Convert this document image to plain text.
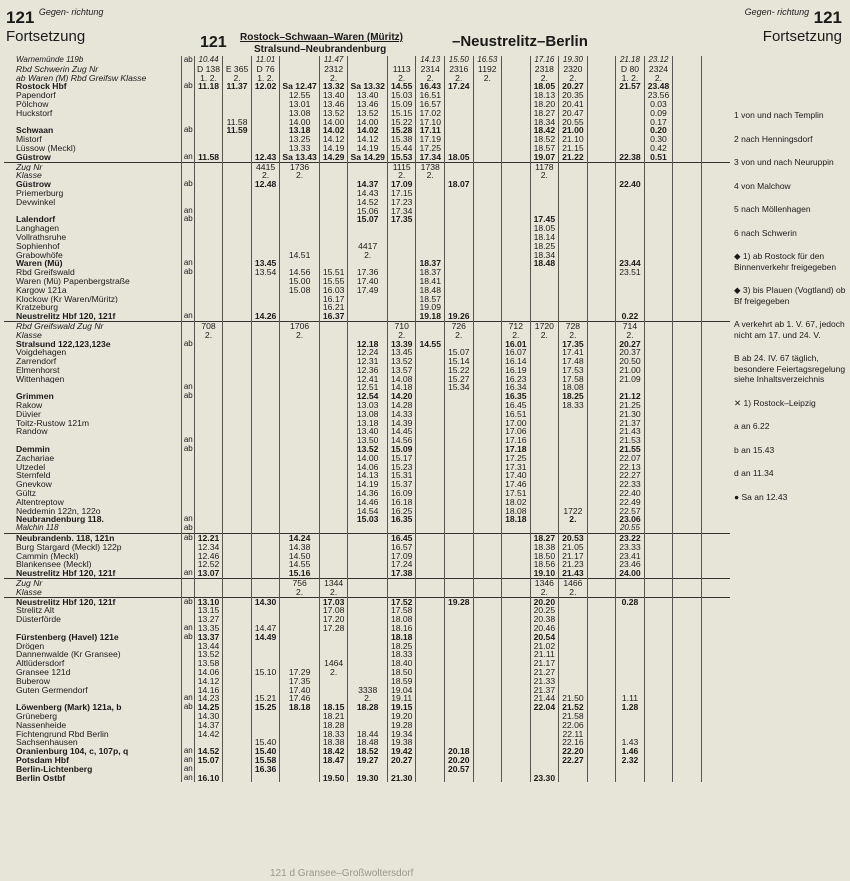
121 Gegen- richtung
Fortsetzung
Gegen- richtung 121
Fortsetzung
121 Rostock–Schwaan–Waren (Müritz)
Stralsund–Neubrandenburg	–Neustrelitz–Berlin
Warnemünde 119b	ab	10.44		11.01		11.47			14.13	15.50	16.53		17.16	19.30		21.18	23.12		
Rbd Schwerin Zug Nr		D 138	E 365	D 76		2312		1113	2314	2316	1192		2318	2320		D 80	2324		
ab Waren (M) Rbd Greifsw Klasse		1. 2.	2.	1. 2.		2.		2.	2.	2.	2.		2.	2.		1. 2.	2.		
Rostock Hbf	ab	11.18	11.37	12.02	Sa 12.47	13.32	Sa 13.32	14.55	16.43	17.24			18.05	20.27		21.57	23.48		
Papendorf					12.55	13.40	13.40	15.03	16.51				18.13	20.35			23.56		
Pölchow					13.01	13.46	13.46	15.09	16.57				18.20	20.41			0.03		
Huckstorf					13.08	13.52	13.52	15.15	17.02				18.27	20.47			0.09		
			11.58		14.00	14.00	14.00	15.22	17.10				18.34	20.55			0.17		
Schwaan	ab		11.59		13.18	14.02	14.02	15.28	17.11				18.42	21.00			0.20		
Mistorf					13.25	14.12	14.12	15.38	17.19				18.52	21.10			0.30		
Lüssow (Meckl)					13.33	14.19	14.19	15.44	17.25				18.57	21.15			0.42		
Güstrow	an	11.58		12.43	Sa 13.43	14.29	Sa 14.29	15.53	17.34	18.05			19.07	21.22		22.38	0.51		
Zug Nr				4415	1736			1115	1738				1178						
Klasse				2.	2.			2.	2.				2.						
Güstrow	ab			12.48			14.37	17.09		18.07						22.40			
Priemerburg							14.43	17.15											
Devwinkel							14.52	17.23											
	an						15.06	17.34											
Lalendorf	ab						15.07	17.35					17.45						
Langhagen													18.05						
Vollrathsruhe													18.14						
Sophienhof							4417						18.25						
Grabowhöfe					14.51		2.						18.34						
Waren (Mü)	an			13.45					18.37				18.48			23.44			
Rbd Greifswald	ab			13.54	14.56	15.51	17.36		18.37							23.51			
Waren (Mü) Papenbergstraße					15.00	15.55	17.40		18.41										
Kargow 121a					15.08	16.03	17.49		18.48										
Klockow (Kr Waren/Müritz)						16.17			18.57										
Kratzeburg						16.21			19.09										
Neustrelitz Hbf 120, 121f	an			14.26		16.37			19.18	19.26						0.22			
Rbd Greifswald Zug Nr		708			1706			710		726		712	1720	728		714			
Klasse		2.			2.			2.		2.		2.	2.	2.		2.			
Stralsund 122,123,123e	ab						12.18	13.39	14.55			16.01		17.35		20.27			
Voigdehagen							12.24	13.45		15.07		16.07		17.41		20.37			
Zarrendorf							12.31	13.52		15.14		16.14		17.48		20.50			
Elmenhorst							12.36	13.57		15.22		16.19		17.53		21.00			
Wittenhagen							12.41	14.08		15.27		16.23		17.58		21.09			
	an						12.51	14.18		15.34		16.34		18.08					
Grimmen	ab						12.54	14.20				16.35		18.25		21.12			
Rakow							13.03	14.28				16.45		18.33		21.25			
Düvier							13.08	14.33				16.51				21.30			
Toitz-Rustow 121m							13.18	14.39				17.00				21.37			
Randow							13.40	14.45				17.06				21.43			
	an						13.50	14.56				17.16				21.53			
Demmin	ab						13.52	15.09				17.18				21.55			
Zachariae							14.00	15.17				17.25				22.07			
Utzedel							14.06	15.23				17.31				22.13			
Sternfeld							14.13	15.31				17.40				22.27			
Gnevkow							14.19	15.37				17.46				22.33			
Gültz							14.36	16.09				17.51				22.40			
Altentreptow							14.46	16.18				18.02				22.49			
Neddemin 122n, 122o							14.54	16.25				18.08		1722		22.57			
Neubrandenburg 118.	an						15.03	16.35				18.18		2.		23.06			
Malchin 118	ab															20.55			
Neubrandenb. 118, 121n	ab	12.21			14.24			16.45					18.27	20.53		23.22			
Burg Stargard (Meckl) 122p		12.34			14.38			16.57					18.38	21.05		23.33			
Cammin (Meckl)		12.46			14.50			17.09					18.50	21.17		23.41			
Blankensee (Meckl)		12.52			14.55			17.24					18.56	21.23		23.46			
Neustrelitz Hbf 120, 121f	an	13.07			15.16			17.38					19.10	21.43		24.00			
Zug Nr					756	1344							1346	1466					
Klasse					2.	2.							2.	2.					
Neustrelitz Hbf 120, 121f	ab	13.10		14.30		17.03		17.52		19.28			20.20			0.28			
Strelitz Alt		13.15				17.08		17.58					20.25						
Düsterförde		13.27				17.20		18.08					20.38						
	an	13.35		14.47		17.28		18.16					20.46						
Fürstenberg (Havel) 121e	ab	13.37		14.49				18.18					20.54						
Drögen		13.44						18.25					21.02						
Dannenwalde (Kr Gransee)		13.52						18.33					21.11						
Altlüdersdorf		13.58				1464		18.40					21.17						
Gransee 121d		14.06		15.10	17.29	2.		18.50					21.27						
Buberow		14.12			17.35			18.59					21.33						
Guten Germendorf		14.16			17.40		3338	19.04					21.37						
	an	14.23		15.21	17.46		2.	19.11					21.44	21.50		1.11			
Löwenberg (Mark) 121a, b	ab	14.25		15.25	18.18	18.15	18.28	19.15					22.04	21.52		1.28			
Grüneberg		14.30				18.21		19.20						21.58					
Nassenheide		14.37				18.28		19.28						22.06					
Fichtengrund Rbd Berlin		14.42				18.33	18.44	19.34						22.11					
Sachsenhausen				15.40		18.38	18.48	19.38						22.16		1.43			
Oranienburg 104, c, 107p, q	an	14.52		15.40		18.42	18.52	19.42		20.18				22.20		1.46			
Potsdam Hbf	an	15.07		15.58		18.47	19.27	20.27		20.20				22.27		2.32			
Berlin-Lichtenberg	an			16.36						20.57									
Berlin Ostbf	an	16.10				19.50	19.30	21.30					23.30						
1 von und nach Templin
2 nach Henningsdorf
3 von und nach Neuruppin
4 von Malchow
5 nach Möllenhagen
6 nach Schwerin
◆ 1) ab Rostock für den Binnenverkehr freigegeben
◆ 3) bis Plauen (Vogtland) ob Bf freigegeben
A verkehrt ab 1. V. 67, jedoch nicht am 17. und 24. V.
B ab 24. IV. 67 täglich, besondere Feiertagsregelung siehe Inhaltsverzeichnis
✕ 1) Rostock–Leipzig
a an 6.22
b an 15.43
d an 11.34
● Sa an 12.43
121 d Gransee–Großwoltersdorf
